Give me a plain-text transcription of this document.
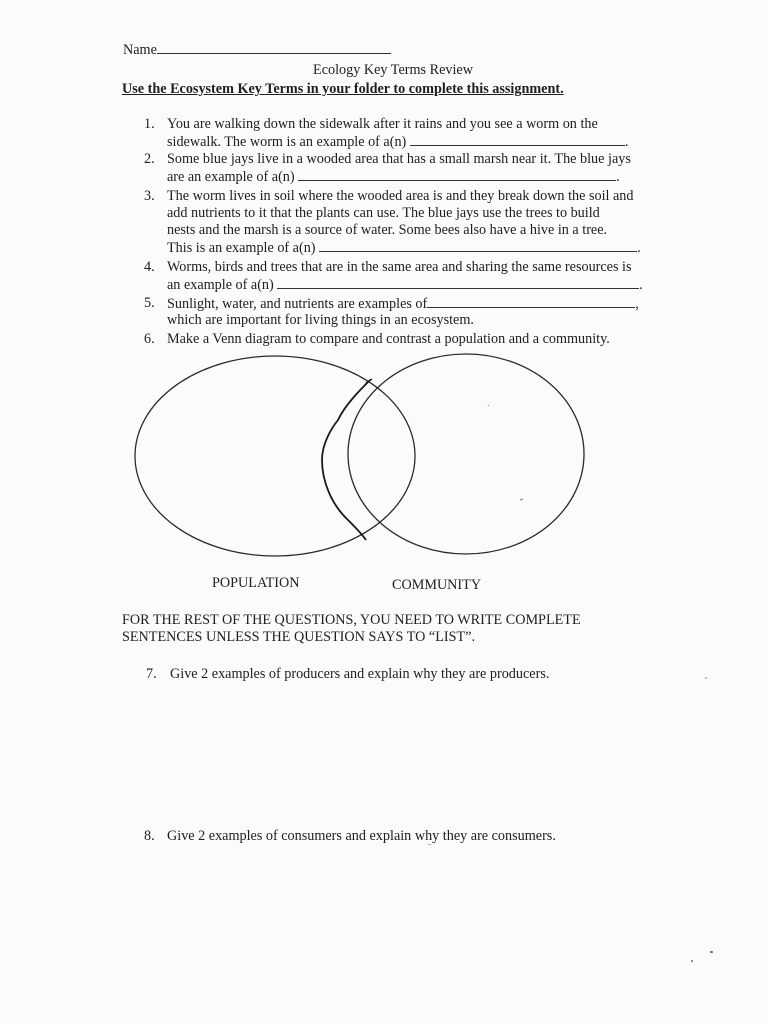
Name
Ecology Key Terms Review
Use the Ecosystem Key Terms in your folder to complete this assignment.
1. You are walking down the sidewalk after it rains and you see a worm on the
sidewalk. The worm is an example of a(n)	.
2. Some blue jays live in a wooded area that has a small marsh near it. The blue jays
are an example of a(n)	.
3. The worm lives in soil where the wooded area is and they break down the soil and
add nutrients to it that the plants can use. The blue jays use the trees to build
nests and the marsh is a source of water. Some bees also have a hive in a tree.
This is an example of a(n)	.
4. Worms, birds and trees that are in the same area and sharing the same resources is
an example of a(n)	.
5. Sunlight, water, and nutrients are examples of	,
which are important for living things in an ecosystem.
6. Make a Venn diagram to compare and contrast a population and a community.
POPULATION	COMMUNITY
FOR THE REST OF THE QUESTIONS, YOU NEED TO WRITE COMPLETE
SENTENCES UNLESS THE QUESTION SAYS TO “LIST”.
7. Give 2 examples of producers and explain why they are producers.
8. Give 2 examples of consumers and explain why they are consumers.
